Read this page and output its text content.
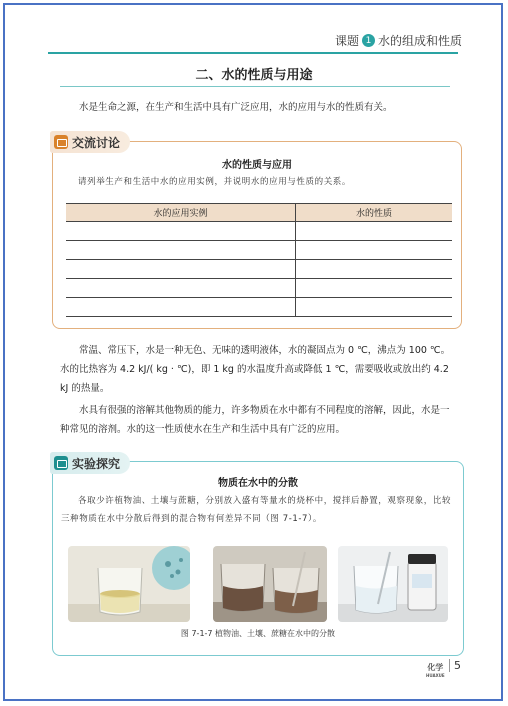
课题 1 水的组成和性质
二、水的性质与用途
水是生命之源，在生产和生活中具有广泛应用，水的应用与水的性质有关。
水的性质与应用
请列举生产和生活中水的应用实例，并说明水的应用与性质的关系。
交流讨论
水的应用实例	水的性质

常温、常压下，水是一种无色、无味的透明液体，水的凝固点为 0 ℃，沸点为 100 ℃。水的比热容为 4.2 kJ/( kg · ℃)，即 1 kg 的水温度升高或降低 1 ℃，需要吸收或放出约 4.2 kJ 的热量。
水具有很强的溶解其他物质的能力，许多物质在水中都有不同程度的溶解，因此，水是一种常见的溶剂。水的这一性质使水在生产和生活中具有广泛的应用。
物质在水中的分散
各取少许植物油、土壤与蔗糖，分别放入盛有等量水的烧杯中，搅拌后静置，观察现象，比较三种物质在水中分散后得到的混合物有何差异不同（图 7-1-7）。
图 7-1-7 植物油、土壤、蔗糖在水中的分散
实验探究
化学
HUAXUE
5
